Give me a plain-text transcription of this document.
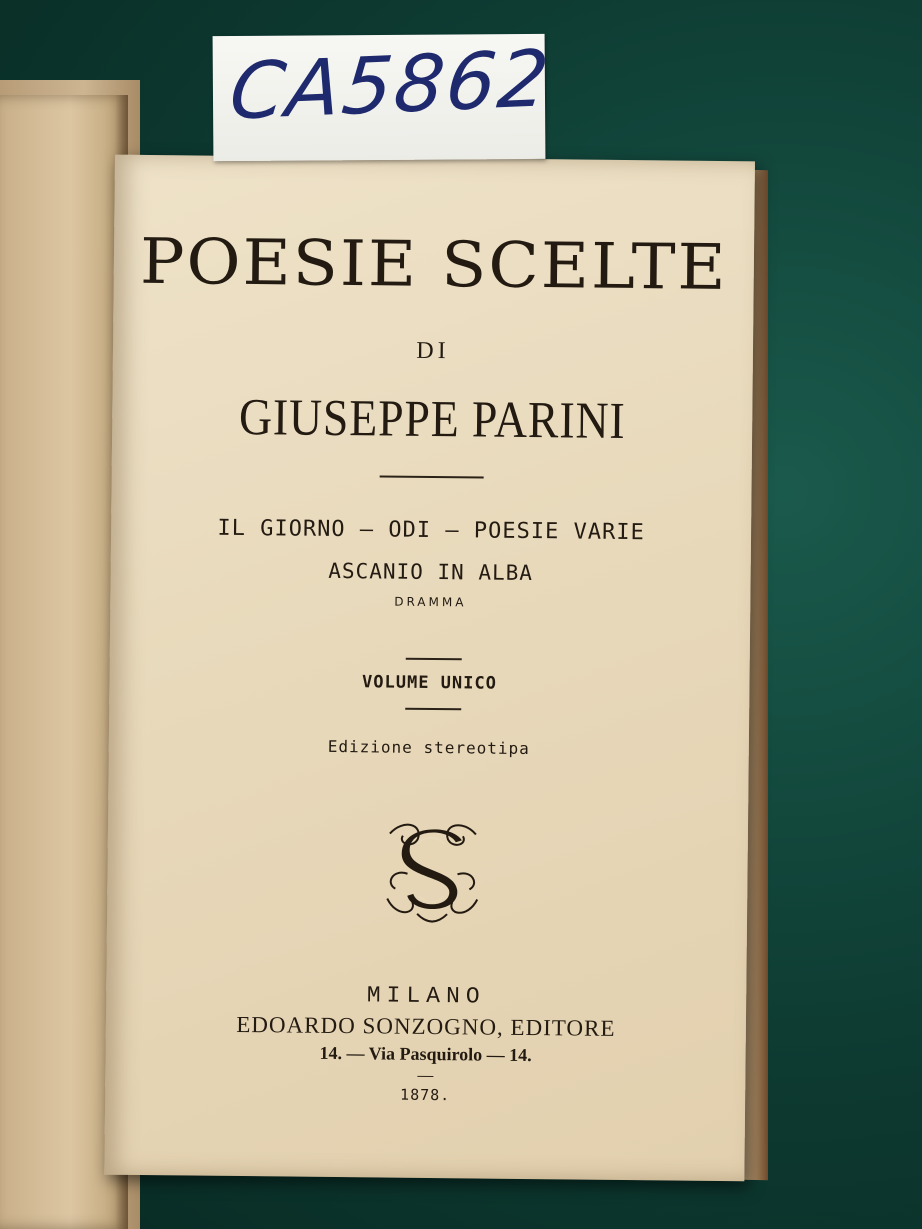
POESIE SCELTE
DI
GIUSEPPE PARINI
IL GIORNO — ODI — POESIE VARIE
ASCANIO IN ALBA
DRAMMA
VOLUME UNICO
Edizione stereotipa
MILANO
EDOARDO SONZOGNO, EDITORE
14. — Via Pasquirolo — 14.
1878.
CA5862
